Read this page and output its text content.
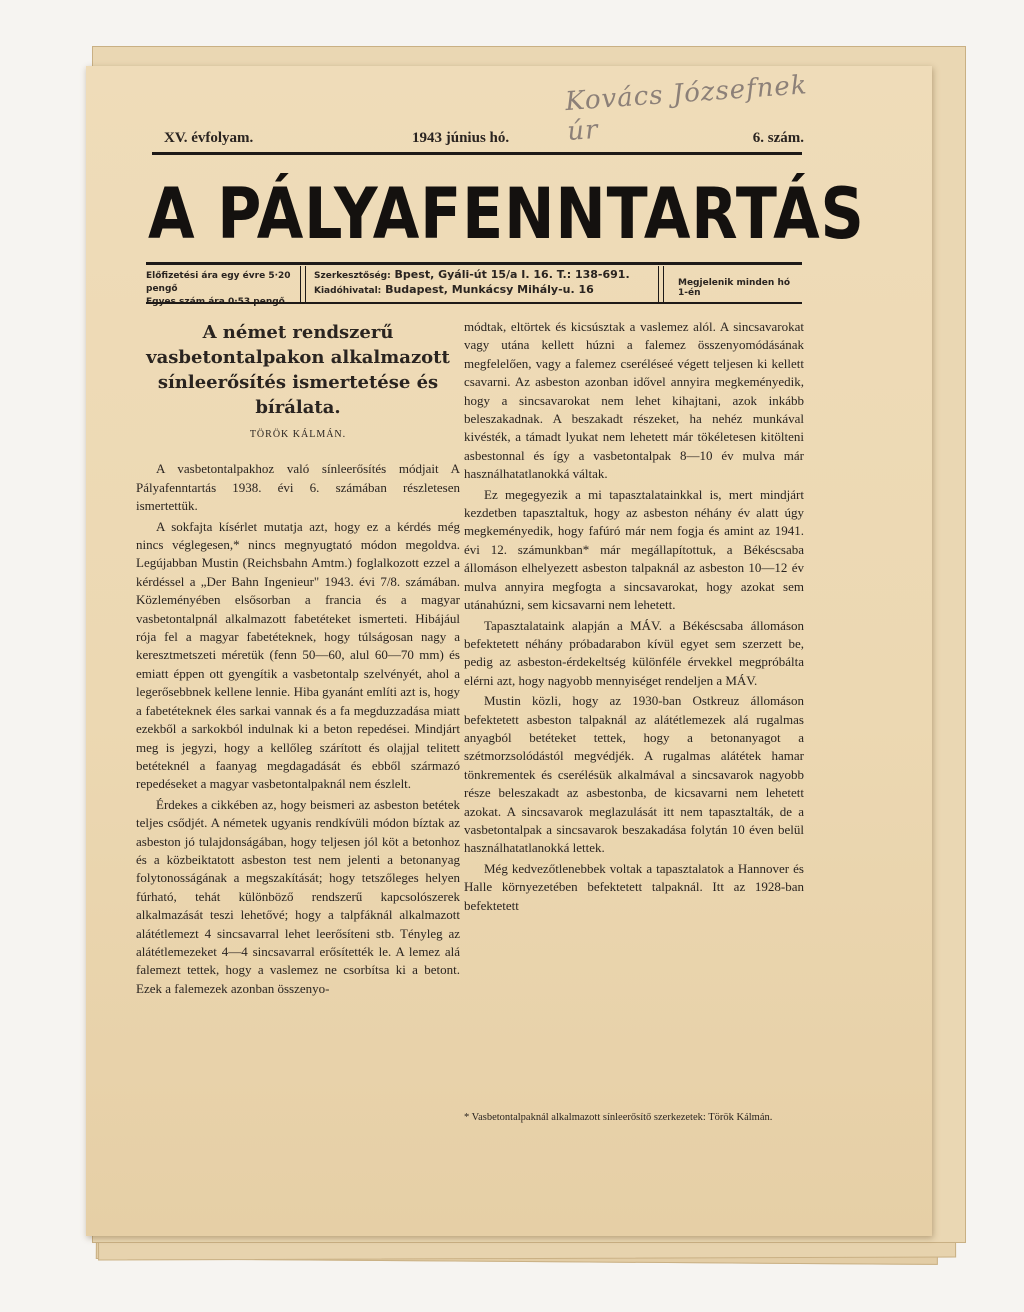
Kovács Józsefnek úr
XV. évfolyam.	1943 június hó.	6. szám.
A PÁLYAFENNTARTÁS
Előfizetési ára egy évre 5·20 pengő
Szerkesztőség: Bpest, Gyáli-út 15/a I. 16. T.: 138-691.
Kiadóhivatal: Budapest, Munkácsy Mihály-u. 16	Megjelenik minden hó 1-én
A német rendszerű vasbetontalpakon alkalmazott sínleerősítés ismertetése és bírálata.
TÖRÖK KÁLMÁN.

A vasbetontalpakhoz való sínleerősítés módjait A Pályafenntartás 1938. évi 6. számában részletesen ismertettük.

A sokfajta kísérlet mutatja azt, hogy ez a kérdés még nincs véglegesen,* nincs megnyugtató módon megoldva. Legújabban Mustin (Reichsbahn Amtm.) foglalkozott ezzel a kérdéssel a „Der Bahn Ingenieur" 1943. évi 7/8. számában. Közleményében elsősorban a francia és a magyar vasbetontalpnál alkalmazott fabetéteket ismerteti. Hibájául rója fel a magyar fabetéteknek, hogy túlságosan nagy a keresztmetszeti méretük (fenn 50—60, alul 60—70 mm) és emiatt éppen ott gyengítik a vasbetontalp szelvényét, ahol a legerősebbnek kellene lennie. Hiba gyanánt említi azt is, hogy a fabetéteknek éles sarkai vannak és a fa megduzzadása miatt ezekből a sarkokból indulnak ki a beton repedései. Mindjárt meg is jegyzi, hogy a kellőleg szárított és olajjal telitett betéteknél a faanyag megdagadását és ebből származó repedéseket a magyar vasbetontalpaknál nem észlelt.

Érdekes a cikkében az, hogy beismeri az asbeston betétek teljes csődjét. A németek ugyanis rendkívüli módon bíztak az asbeston jó tulajdonságában, hogy teljesen jól köt a betonhoz és a közbeiktatott asbeston test nem jelenti a betonanyag folytonosságának a megszakítását; hogy tetszőleges helyen fúrható, tehát különböző rendszerű kapcsolószerek alkalmazását teszi lehetővé; hogy a talpfáknál alkalmazott alátétlemezt 4 sincsavarral lehet leerősíteni stb. Tényleg az alátétlemezeket 4—4 sincsavarral erősítették le. A lemez alá falemezt tettek, hogy a vaslemez ne csorbítsa ki a betont. Ezek a falemezek azonban összenyo-

módtak, eltörtek és kicsúsztak a vaslemez alól. A sincsavarokat vagy utána kellett húzni a falemez összenyomódásának megfelelően, vagy a falemez cseréléseé végett teljesen ki kellett csavarni. Az asbeston azonban idővel annyira megkeményedik, hogy a sincsavarokat nem lehet kihajtani, azok inkább beleszakadnak. A beszakadt részeket, ha nehéz munkával kivésték, a támadt lyukat nem lehetett már tökéletesen kitölteni asbestonnal és így a vasbetontalpak 8—10 év mulva már használhatatlanokká váltak.

Ez megegyezik a mi tapasztalatainkkal is, mert mindjárt kezdetben tapasztaltuk, hogy az asbeston néhány év alatt úgy megkeményedik, hogy fafúró már nem fogja és amint az 1941. évi 12. számunkban* már megállapítottuk, a Békéscsaba állomáson elhelyezett asbeston talpaknál az asbeston 10—12 év mulva annyira megfogta a sincsavarokat, hogy azokat sem utánahúzni, sem kicsavarni nem lehetett.

Tapasztalataink alapján a MÁV. a Békéscsaba állomáson befektetett néhány próbadarabon kívül egyet sem szerzett be, pedig az asbeston-érdekeltség különféle érvekkel megpróbálta elérni azt, hogy nagyobb mennyiséget rendeljen a MÁV.

Mustin közli, hogy az 1930-ban Ostkreuz állomáson befektetett asbeston talpaknál az alátétlemezek alá rugalmas anyagból betéteket tettek, hogy a betonanyagot a szétmorzsolódástól megvédjék. A rugalmas alátétek hamar tönkrementek és cserélésük alkalmával a sincsavarok nagyobb része beleszakadt az asbestonba, de kicsavarni nem lehetett azokat. A sincsavarok meglazulását itt nem tapasztalták, de a vasbetontalpak a sincsavarok beszakadása folytán 10 éven belül használhatatlanokká lettek.

Még kedvezőtlenebbek voltak a tapasztalatok a Hannover és Halle környezetében befektetett talpaknál. Itt az 1928-ban befektetett

* Vasbetontalpaknál alkalmazott sínleerősítő szerkezetek: Török Kálmán.
